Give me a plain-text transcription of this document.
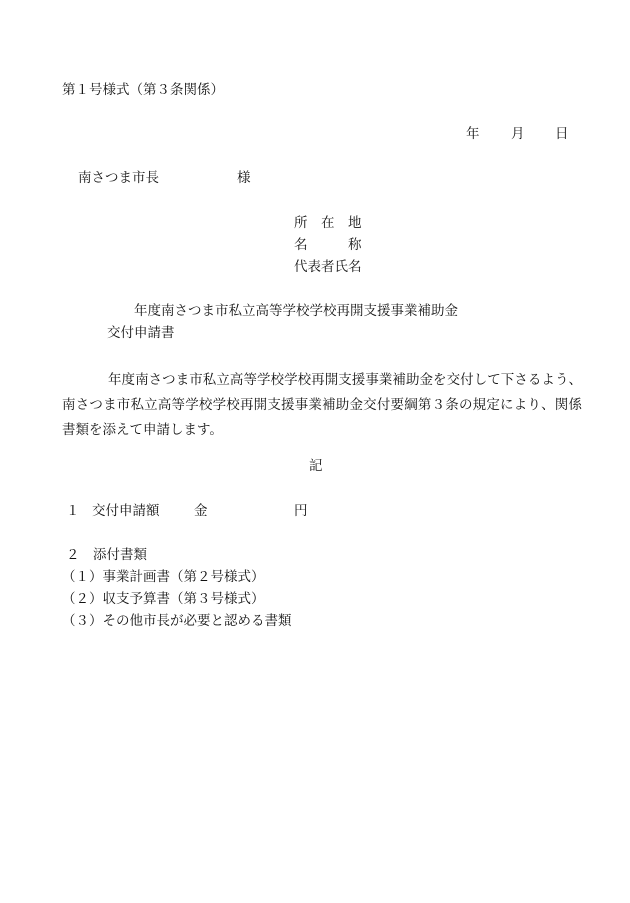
第１号様式（第３条関係）
年 月 日
南さつま市長	様
所　在　地
名　　　称
代表者氏名
年度南さつま市私立高等学校学校再開支援事業補助金
交付申請書
年度南さつま市私立高等学校学校再開支援事業補助金を交付して下さるよう、南さつま市私立高等学校学校再開支援事業補助金交付要綱第３条の規定により、関係書類を添えて申請します。
記
１ 交付申請額	金	円
２　添付書類
（１）事業計画書（第２号様式）
（２）収支予算書（第３号様式）
（３）その他市長が必要と認める書類
